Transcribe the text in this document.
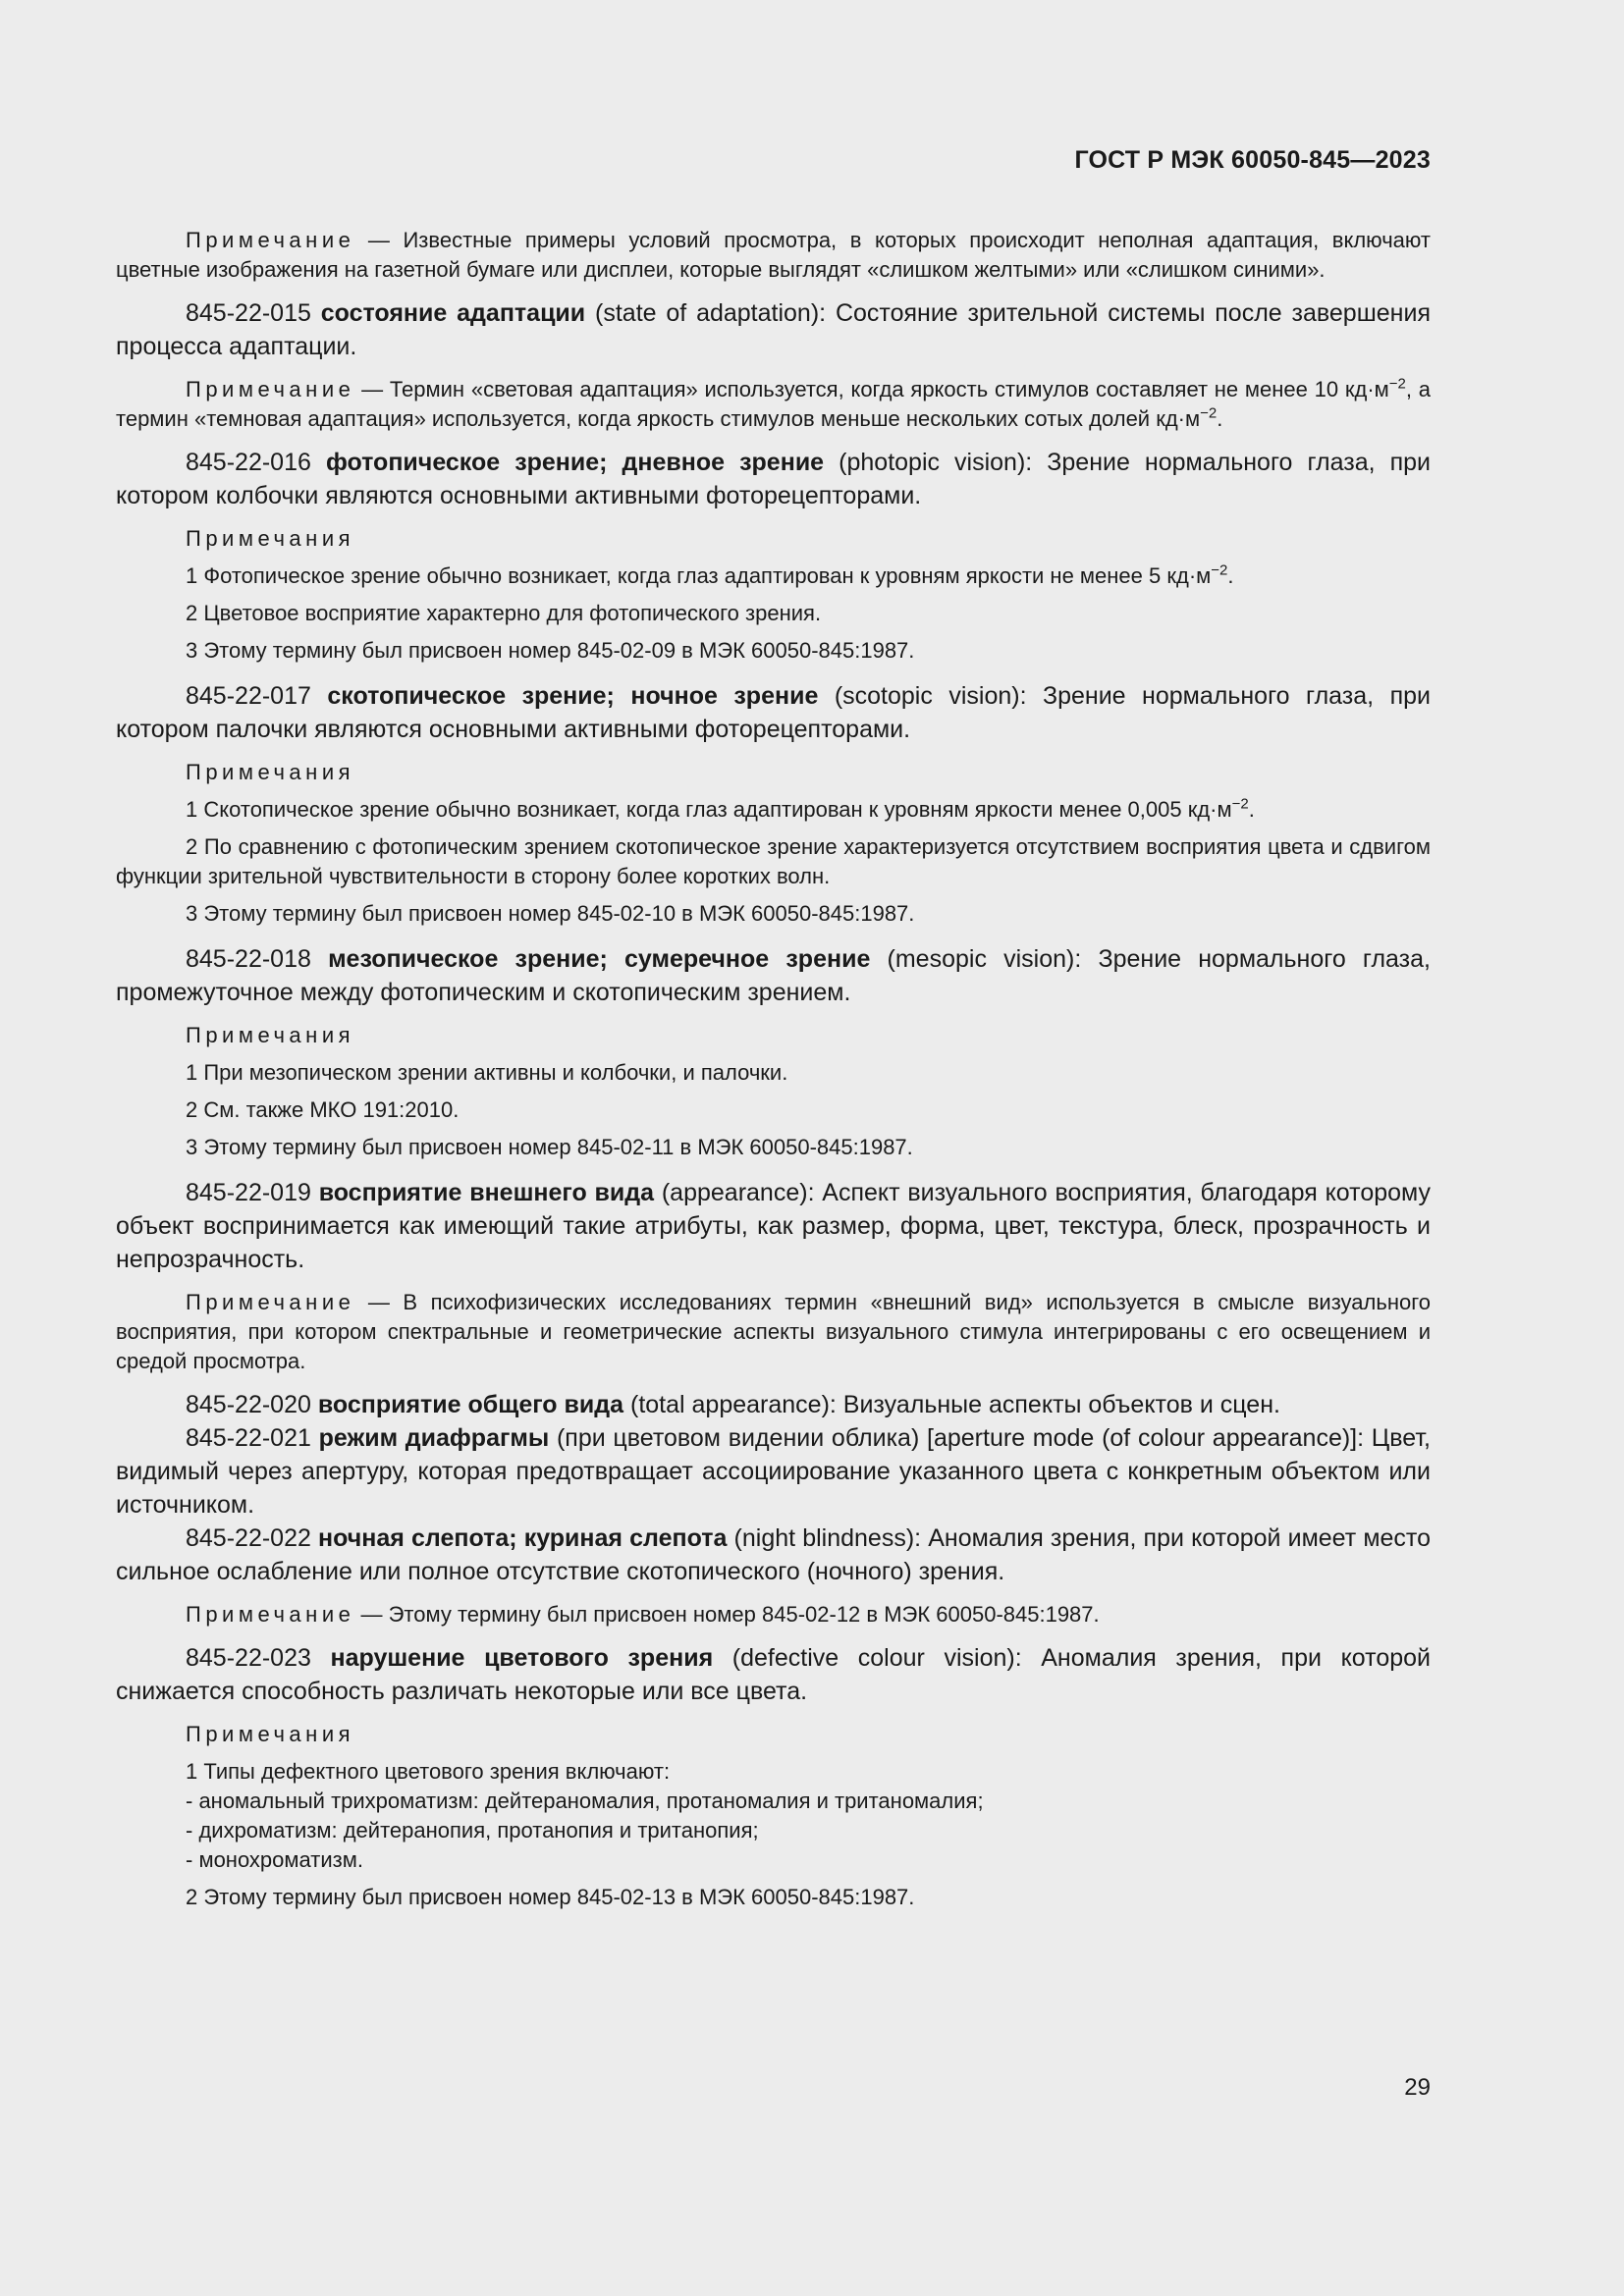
ГОСТ Р МЭК 60050-845—2023

Примечание — Известные примеры условий просмотра, в которых происходит неполная адаптация, включают цветные изображения на газетной бумаге или дисплеи, которые выглядят «слишком желтыми» или «слишком синими».

845-22-015 состояние адаптации (state of adaptation): Состояние зрительной системы после завершения процесса адаптации.

Примечание — Термин «световая адаптация» используется, когда яркость стимулов составляет не менее 10 $кд\cdot м^{-2}$, а термин «темновая адаптация» используется, когда яркость стимулов меньше нескольких сотых долей $кд\cdot м^{-2}$.

845-22-016 фотопическое зрение; дневное зрение (photopic vision): Зрение нормального глаза, при котором колбочки являются основными активными фоторецепторами.

Примечания

1 Фотопическое зрение обычно возникает, когда глаз адаптирован к уровням яркости не менее 5 $кд\cdot м^{-2}$.

2 Цветовое восприятие характерно для фотопического зрения.

3 Этому термину был присвоен номер 845-02-09 в МЭК 60050-845:1987.

845-22-017 скотопическое зрение; ночное зрение (scotopic vision): Зрение нормального глаза, при котором палочки являются основными активными фоторецепторами.

Примечания

1 Скотопическое зрение обычно возникает, когда глаз адаптирован к уровням яркости менее 0,005 $кд\cdot м^{-2}$.

2 По сравнению с фотопическим зрением скотопическое зрение характеризуется отсутствием восприятия цвета и сдвигом функции зрительной чувствительности в сторону более коротких волн.

3 Этому термину был присвоен номер 845-02-10 в МЭК 60050-845:1987.

845-22-018 мезопическое зрение; сумеречное зрение (mesopic vision): Зрение нормального глаза, промежуточное между фотопическим и скотопическим зрением.

Примечания

1 При мезопическом зрении активны и колбочки, и палочки.

2 См. также МКО 191:2010.

3 Этому термину был присвоен номер 845-02-11 в МЭК 60050-845:1987.

845-22-019 восприятие внешнего вида (appearance): Аспект визуального восприятия, благодаря которому объект воспринимается как имеющий такие атрибуты, как размер, форма, цвет, текстура, блеск, прозрачность и непрозрачность.

Примечание — В психофизических исследованиях термин «внешний вид» используется в смысле визуального восприятия, при котором спектральные и геометрические аспекты визуального стимула интегрированы с его освещением и средой просмотра.

845-22-020 восприятие общего вида (total appearance): Визуальные аспекты объектов и сцен.

845-22-021 режим диафрагмы (при цветовом видении облика) [aperture mode (of colour appearance)]: Цвет, видимый через апертуру, которая предотвращает ассоциирование указанного цвета с конкретным объектом или источником.

845-22-022 ночная слепота; куриная слепота (night blindness): Аномалия зрения, при которой имеет место сильное ослабление или полное отсутствие скотопического (ночного) зрения.

Примечание — Этому термину был присвоен номер 845-02-12 в МЭК 60050-845:1987.

845-22-023 нарушение цветового зрения (defective colour vision): Аномалия зрения, при которой снижается способность различать некоторые или все цвета.

Примечания

1 Типы дефектного цветового зрения включают:

- аномальный трихроматизм: дейтераномалия, протаномалия и тританомалия;
- дихроматизм: дейтеранопия, протанопия и тританопия;
- монохроматизм.

2 Этому термину был присвоен номер 845-02-13 в МЭК 60050-845:1987.

29
